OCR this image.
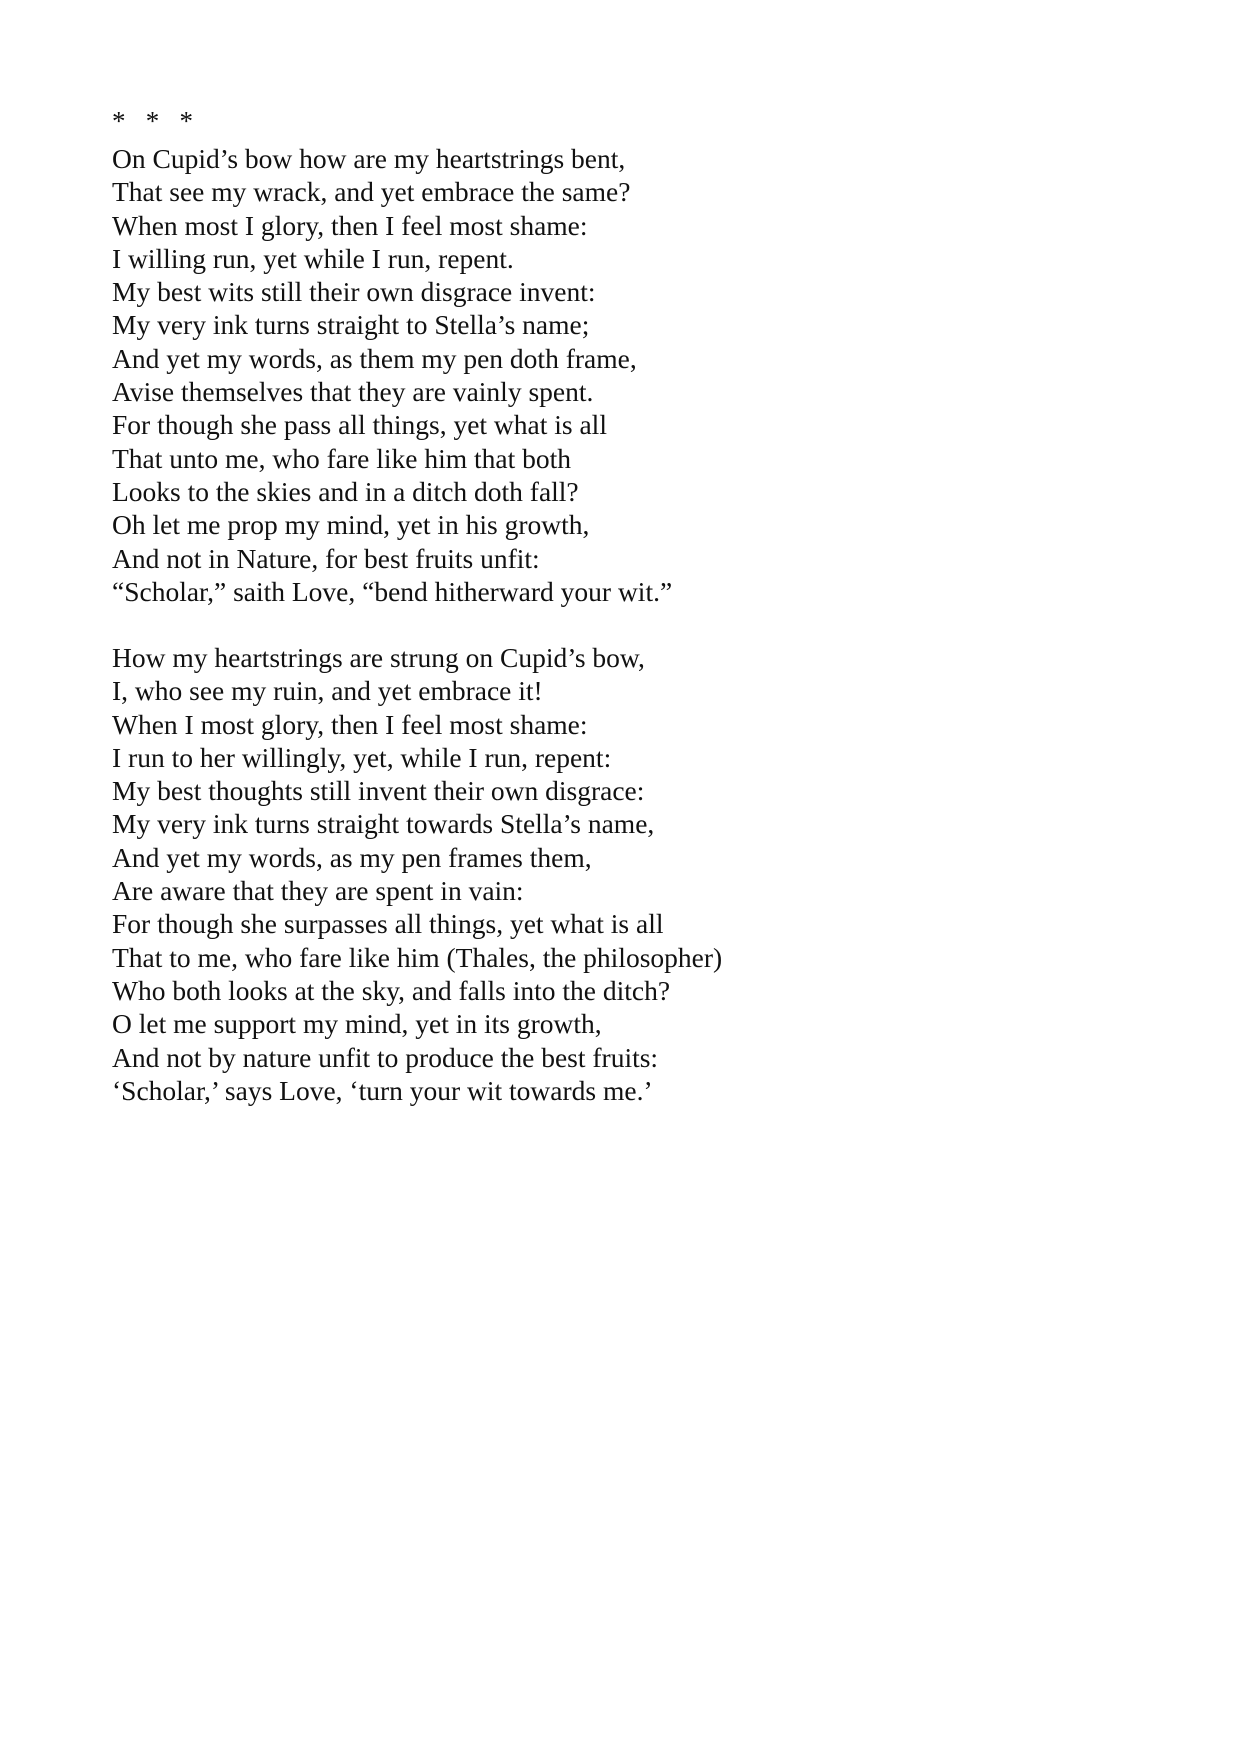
*   *   *
On Cupid’s bow how are my heartstrings bent,
That see my wrack, and yet embrace the same?
When most I glory, then I feel most shame:
I willing run, yet while I run, repent.
My best wits still their own disgrace invent:
My very ink turns straight to Stella’s name;
And yet my words, as them my pen doth frame,
Avise themselves that they are vainly spent.
For though she pass all things, yet what is all
That unto me, who fare like him that both
Looks to the skies and in a ditch doth fall?
Oh let me prop my mind, yet in his growth,
And not in Nature, for best fruits unfit:
“Scholar,” saith Love, “bend hitherward your wit.”
How my heartstrings are strung on Cupid’s bow,
I, who see my ruin, and yet embrace it!
When I most glory, then I feel most shame:
I run to her willingly, yet, while I run, repent:
My best thoughts still invent their own disgrace:
My very ink turns straight towards Stella’s name,
And yet my words, as my pen frames them,
Are aware that they are spent in vain:
For though she surpasses all things, yet what is all
That to me, who fare like him (Thales, the philosopher)
Who both looks at the sky, and falls into the ditch?
O let me support my mind, yet in its growth,
And not by nature unfit to produce the best fruits:
‘Scholar,’ says Love, ‘turn your wit towards me.’
